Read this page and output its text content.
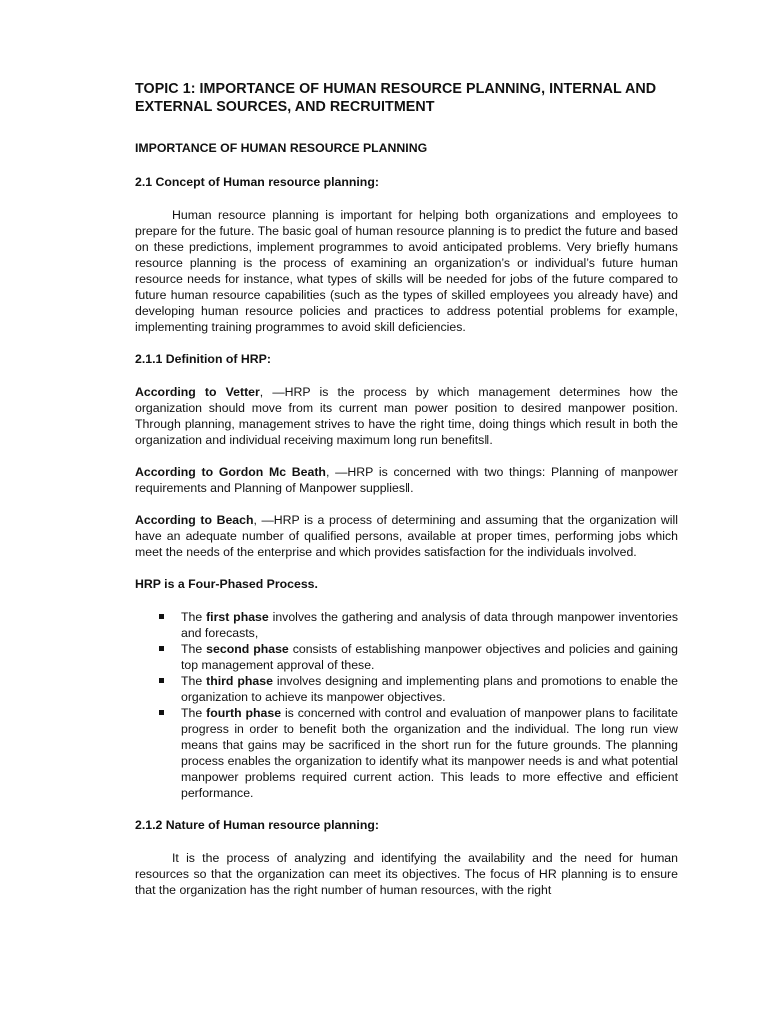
TOPIC 1: IMPORTANCE OF HUMAN RESOURCE PLANNING, INTERNAL AND EXTERNAL SOURCES, AND RECRUITMENT
IMPORTANCE OF HUMAN RESOURCE PLANNING
2.1 Concept of Human resource planning:

Human resource planning is important for helping both organizations and employees to prepare for the future. The basic goal of human resource planning is to predict the future and based on these predictions, implement programmes to avoid anticipated problems. Very briefly humans resource planning is the process of examining an organization’s or individual’s future human resource needs for instance, what types of skills will be needed for jobs of the future compared to future human resource capabilities (such as the types of skilled employees you already have) and developing human resource policies and practices to address potential problems for example, implementing training programmes to avoid skill deficiencies.

2.1.1 Definition of HRP:

According to Vetter, ―HRP is the process by which management determines how the organization should move from its current man power position to desired manpower position. Through planning, management strives to have the right time, doing things which result in both the organization and individual receiving maximum long run benefits‖.

According to Gordon Mc Beath, ―HRP is concerned with two things: Planning of manpower requirements and Planning of Manpower supplies‖.

According to Beach, ―HRP is a process of determining and assuming that the organization will have an adequate number of qualified persons, available at proper times, performing jobs which meet the needs of the enterprise and which provides satisfaction for the individuals involved.

HRP is a Four-Phased Process.
The first phase involves the gathering and analysis of data through manpower inventories and forecasts,
The second phase consists of establishing manpower objectives and policies and gaining top management approval of these.
The third phase involves designing and implementing plans and promotions to enable the organization to achieve its manpower objectives.
The fourth phase is concerned with control and evaluation of manpower plans to facilitate progress in order to benefit both the organization and the individual. The long run view means that gains may be sacrificed in the short run for the future grounds. The planning process enables the organization to identify what its manpower needs is and what potential manpower problems required current action. This leads to more effective and efficient performance.
2.1.2 Nature of Human resource planning:

It is the process of analyzing and identifying the availability and the need for human resources so that the organization can meet its objectives. The focus of HR planning is to ensure that the organization has the right number of human resources, with the right
